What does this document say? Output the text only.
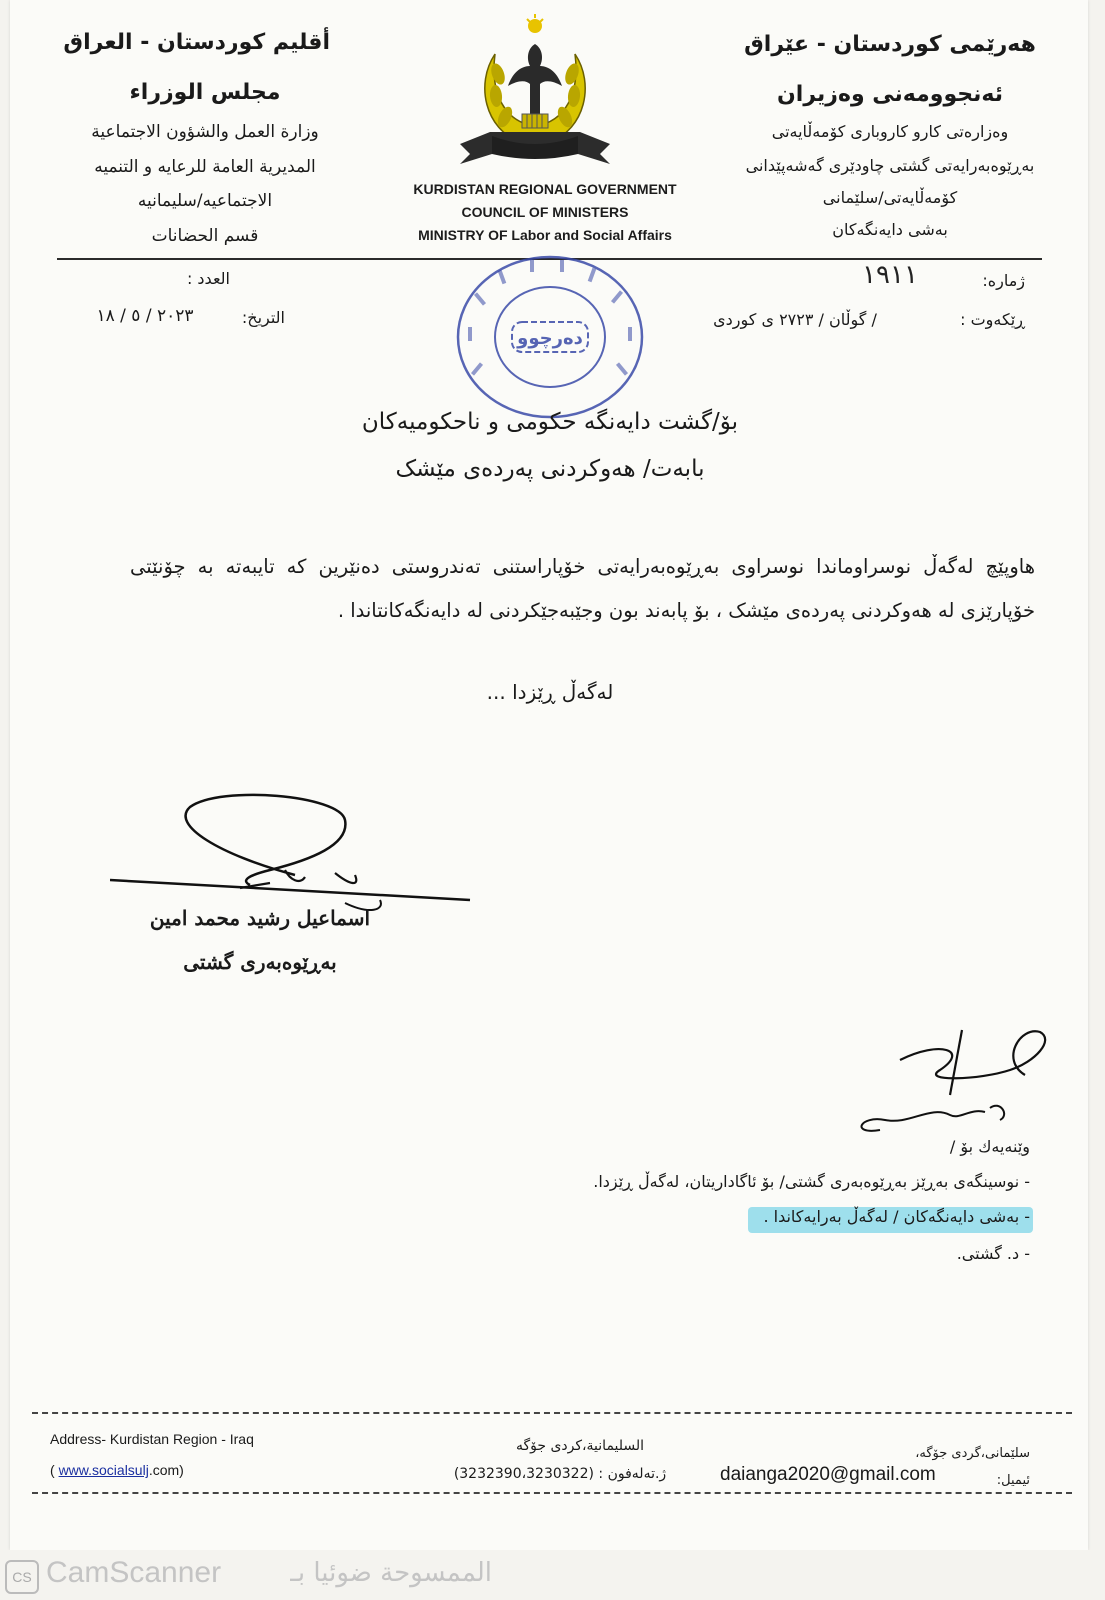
أقليم كوردستان - العراق
مجلس الوزراء
وزارة العمل والشؤون الاجتماعية
المديرية العامة للرعايه و التنميه
الاجتماعيه/سليمانيه
قسم الحضانات
KURDISTAN REGIONAL GOVERNMENT
COUNCIL OF MINISTERS
MINISTRY OF Labor and Social Affairs
هەرێمی کوردستان - عێراق
ئەنجوومەنی وەزیران
وەزارەتی کارو کاروباری کۆمەڵایەتی
بەڕێوەبەرایەتی گشتی چاودێری گەشەپێدانی
کۆمەڵایەتی/سلێمانی
بەشی دایەنگەکان
العدد :
التريخ:
٢٠٢٣ / ٥ / ١٨
ژمارە:
١٩١١
ڕێکەوت :
/ گوڵان / ٢٧٢٣ ی کوردی
دەرچوو
بۆ/گشت دایەنگە حکومی و ناحکومیەکان
بابەت/ هەوکردنی پەردەی مێشک
هاوپێچ لەگەڵ نوسراوماندا نوسراوی بەڕێوەبەرایەتی خۆپاراستنی تەندروستی دەنێرین کە تایبەتە بە چۆنێتی خۆپارێزی لە هەوکردنی پەردەی مێشک ، بۆ پابەند بون وجێبەجێکردنی لە دایەنگەکانتاندا .
لەگەڵ ڕێزدا ...
اسماعيل رشيد محمد امين
بەڕێوەبەری گشتی
وێنەیەك بۆ /
- نوسینگەی بەڕێز بەڕێوەبەری گشتی/ بۆ ئاگاداریتان، لەگەڵ ڕێزدا.
- بەشی دایەنگەکان / لەگەڵ بەرایەکاندا .
- د. گشتی.
Address- Kurdistan Region - Iraq
( www.socialsulj.com)
السليمانية،كردی جۆگە
ژ.تەلەفون : (3232390،3230322)
سلێمانی،گردی جۆگە،
ئیمیل:
daianga2020@gmail.com
CS CamScanner	الممسوحة ضوئيا بـ
